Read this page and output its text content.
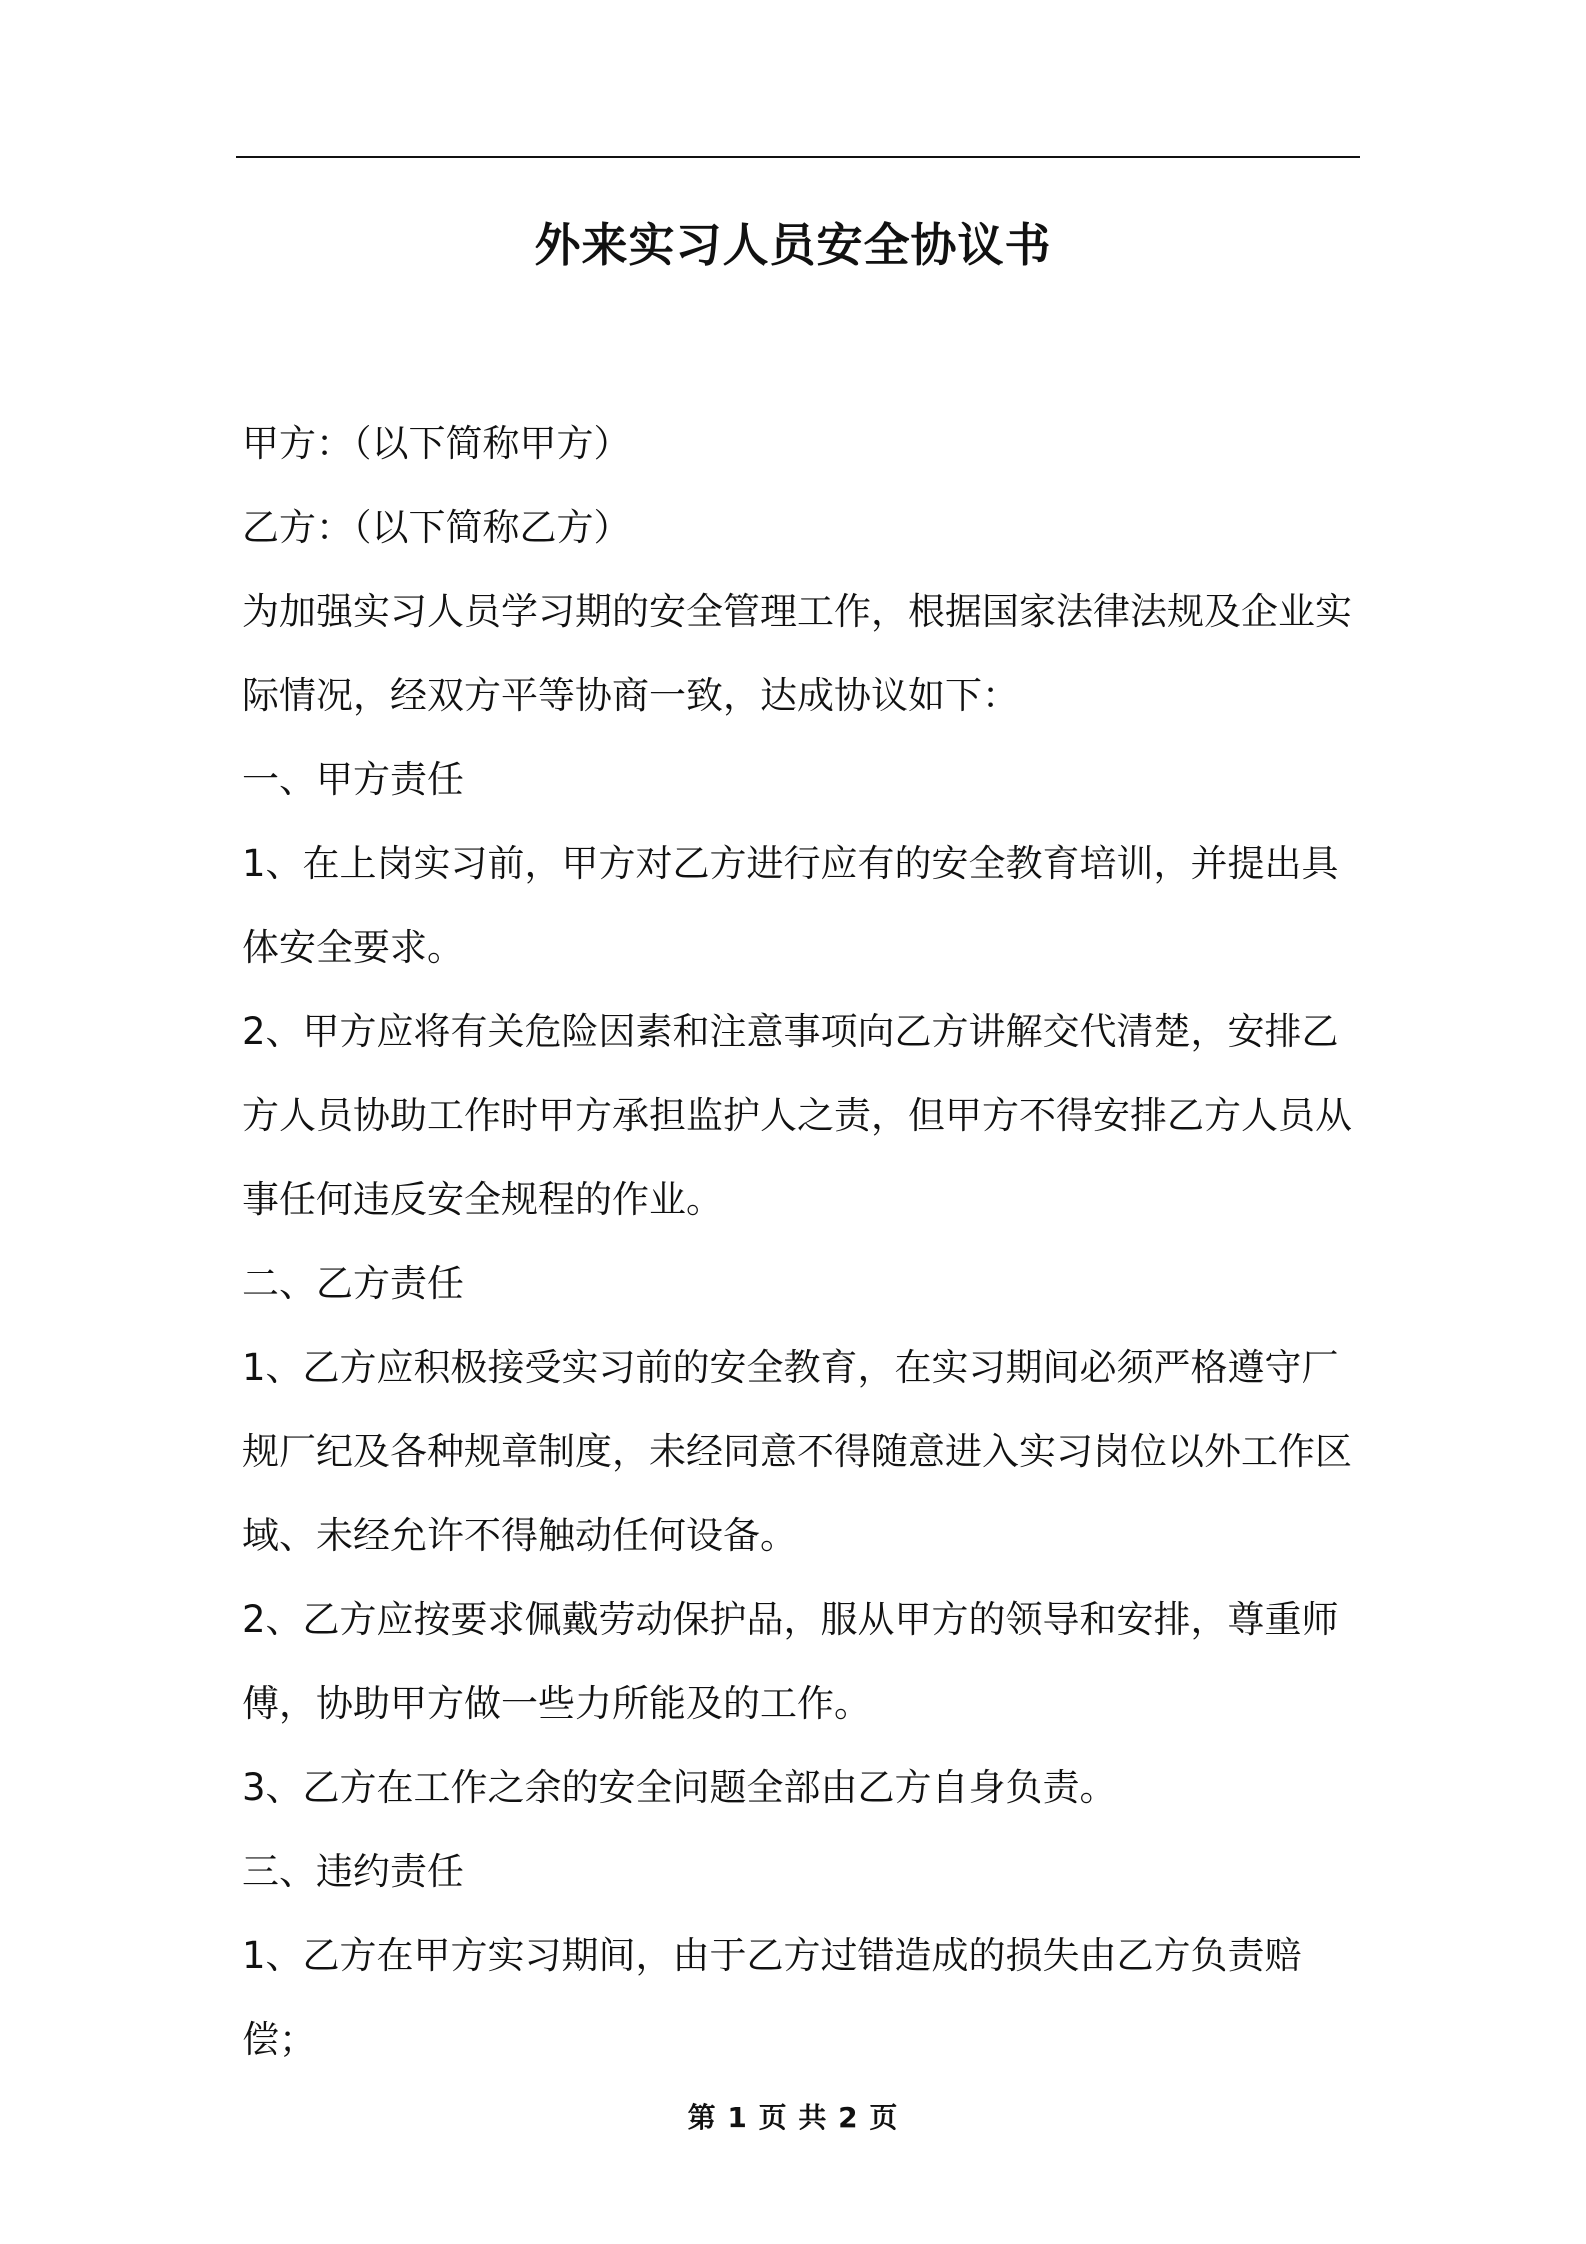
外来实习人员安全协议书

甲方：（以下简称甲方）

乙方：（以下简称乙方）

为加强实习人员学习期的安全管理工作，根据国家法律法规及企业实际情况，经双方平等协商一致，达成协议如下：

一、甲方责任

1、在上岗实习前，甲方对乙方进行应有的安全教育培训，并提出具体安全要求。

2、甲方应将有关危险因素和注意事项向乙方讲解交代清楚，安排乙方人员协助工作时甲方承担监护人之责，但甲方不得安排乙方人员从事任何违反安全规程的作业。

二、乙方责任

1、乙方应积极接受实习前的安全教育，在实习期间必须严格遵守厂规厂纪及各种规章制度，未经同意不得随意进入实习岗位以外工作区域、未经允许不得触动任何设备。

2、乙方应按要求佩戴劳动保护品，服从甲方的领导和安排，尊重师傅，协助甲方做一些力所能及的工作。

3、乙方在工作之余的安全问题全部由乙方自身负责。

三、违约责任

1、乙方在甲方实习期间，由于乙方过错造成的损失由乙方负责赔偿；

第 1 页 共 2 页
